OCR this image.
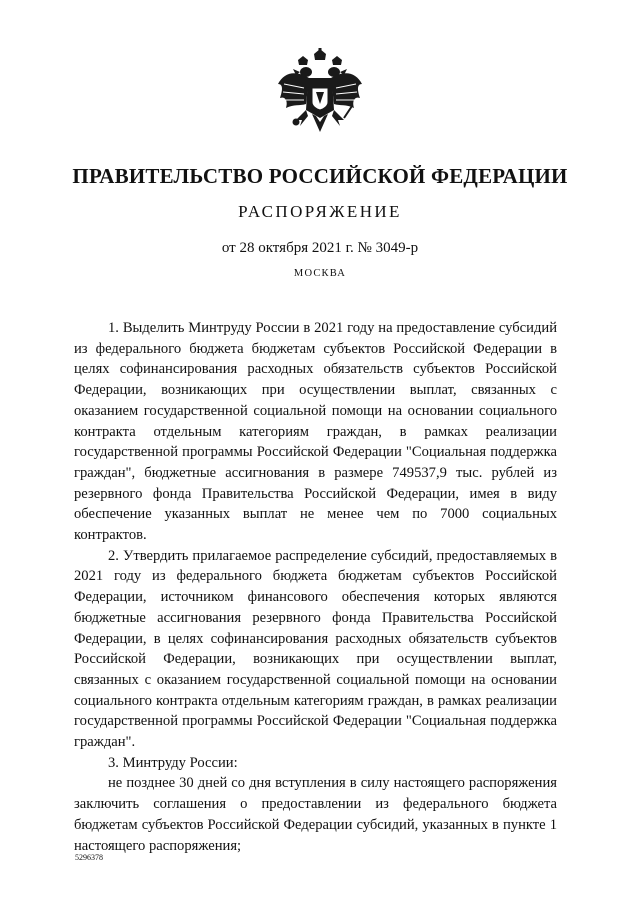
ПРАВИТЕЛЬСТВО РОССИЙСКОЙ ФЕДЕРАЦИИ
РАСПОРЯЖЕНИЕ
от 28 октября 2021 г. № 3049-р
МОСКВА

1. Выделить Минтруду России в 2021 году на предоставление субсидий из федерального бюджета бюджетам субъектов Российской Федерации в целях софинансирования расходных обязательств субъектов Российской Федерации, возникающих при осуществлении выплат, связанных с оказанием государственной социальной помощи на основании социального контракта отдельным категориям граждан, в рамках реализации государственной программы Российской Федерации "Социальная поддержка граждан", бюджетные ассигнования в размере 749537,9 тыс. рублей из резервного фонда Правительства Российской Федерации, имея в виду обеспечение указанных выплат не менее чем по 7000 социальных контрактов.

2. Утвердить прилагаемое распределение субсидий, предоставляемых в 2021 году из федерального бюджета бюджетам субъектов Российской Федерации, источником финансового обеспечения которых являются бюджетные ассигнования резервного фонда Правительства Российской Федерации, в целях софинансирования расходных обязательств субъектов Российской Федерации, возникающих при осуществлении выплат, связанных с оказанием государственной социальной помощи на основании социального контракта отдельным категориям граждан, в рамках реализации государственной программы Российской Федерации "Социальная поддержка граждан".

3. Минтруду России:

не позднее 30 дней со дня вступления в силу настоящего распоряжения заключить соглашения о предоставлении из федерального бюджета бюджетам субъектов Российской Федерации субсидий, указанных в пункте 1 настоящего распоряжения;

5296378
